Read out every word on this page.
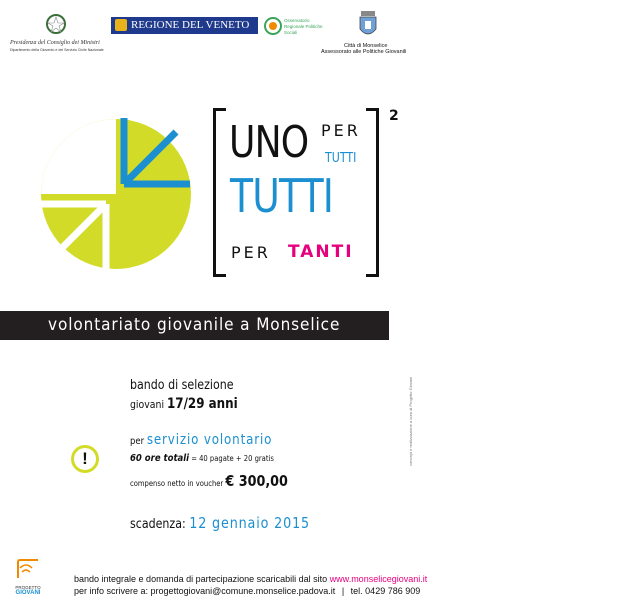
Presidenza del Consiglio dei Ministri
Dipartimento della Gioventù e del Servizio Civile Nazionale
REGIONE DEL VENETO	Osservatorio Regionale Politiche Sociali
Città di Monselice
Assessorato alle Politiche Giovanili
2
UNO PER
TUTTI
TUTTI
PER TANTI
volontariato giovanile a Monselice
bando di selezione
giovani 17/29 anni
!
per servizio volontario
60 ore totali = 40 pagate + 20 gratis
compenso netto in voucher € 300,00
scadenza: 12 gennaio 2015
concept e realizzazione a cura di Progetto Giovani
PROGETTO
GIOVANI
bando integrale e domanda di partecipazione scaricabili dal sito www.monselicegiovani.it
per info scrivere a: progettogiovani@comune.monselice.padova.it | tel. 0429 786 909
